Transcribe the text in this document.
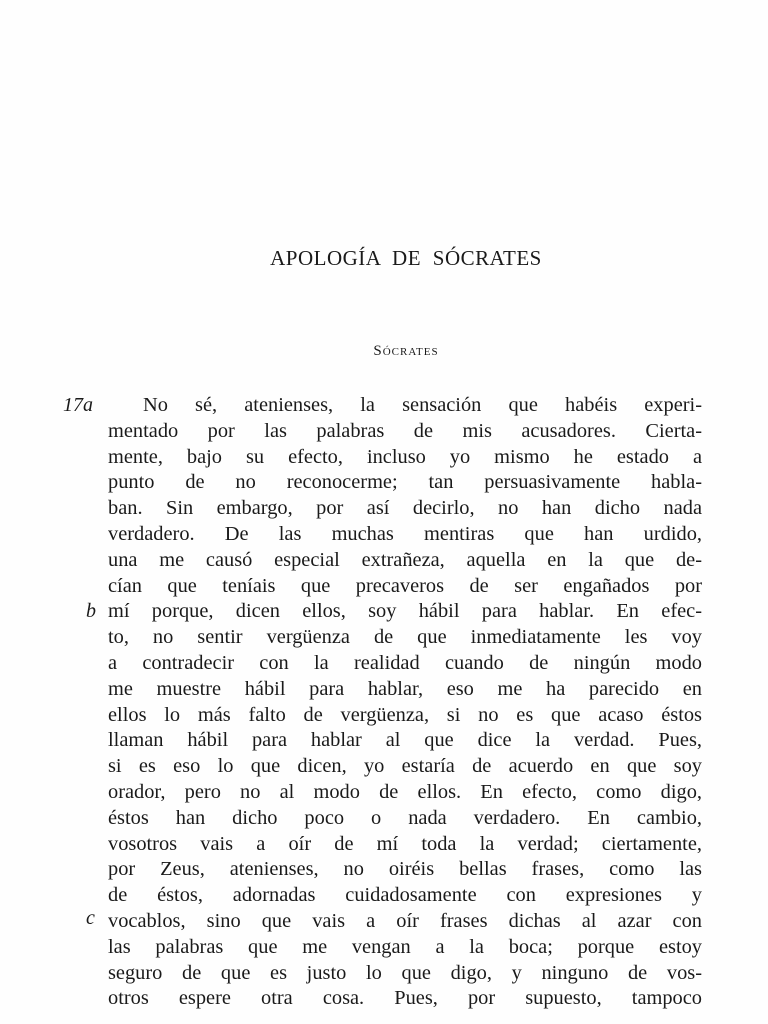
APOLOGÍA DE SÓCRATES
Sócrates
17a
b
c
No sé, atenienses, la sensación que habéis experi-
mentado por las palabras de mis acusadores. Cierta-
mente, bajo su efecto, incluso yo mismo he estado a
punto de no reconocerme; tan persuasivamente habla-
ban. Sin embargo, por así decirlo, no han dicho nada
verdadero. De las muchas mentiras que han urdido,
una me causó especial extrañeza, aquella en la que de-
cían que teníais que precaveros de ser engañados por
mí porque, dicen ellos, soy hábil para hablar. En efec-
to, no sentir vergüenza de que inmediatamente les voy
a contradecir con la realidad cuando de ningún modo
me muestre hábil para hablar, eso me ha parecido en
ellos lo más falto de vergüenza, si no es que acaso éstos
llaman hábil para hablar al que dice la verdad. Pues,
si es eso lo que dicen, yo estaría de acuerdo en que soy
orador, pero no al modo de ellos. En efecto, como digo,
éstos han dicho poco o nada verdadero. En cambio,
vosotros vais a oír de mí toda la verdad; ciertamente,
por Zeus, atenienses, no oiréis bellas frases, como las
de éstos, adornadas cuidadosamente con expresiones y
vocablos, sino que vais a oír frases dichas al azar con
las palabras que me vengan a la boca; porque estoy
seguro de que es justo lo que digo, y ninguno de vos-
otros espere otra cosa. Pues, por supuesto, tampoco
